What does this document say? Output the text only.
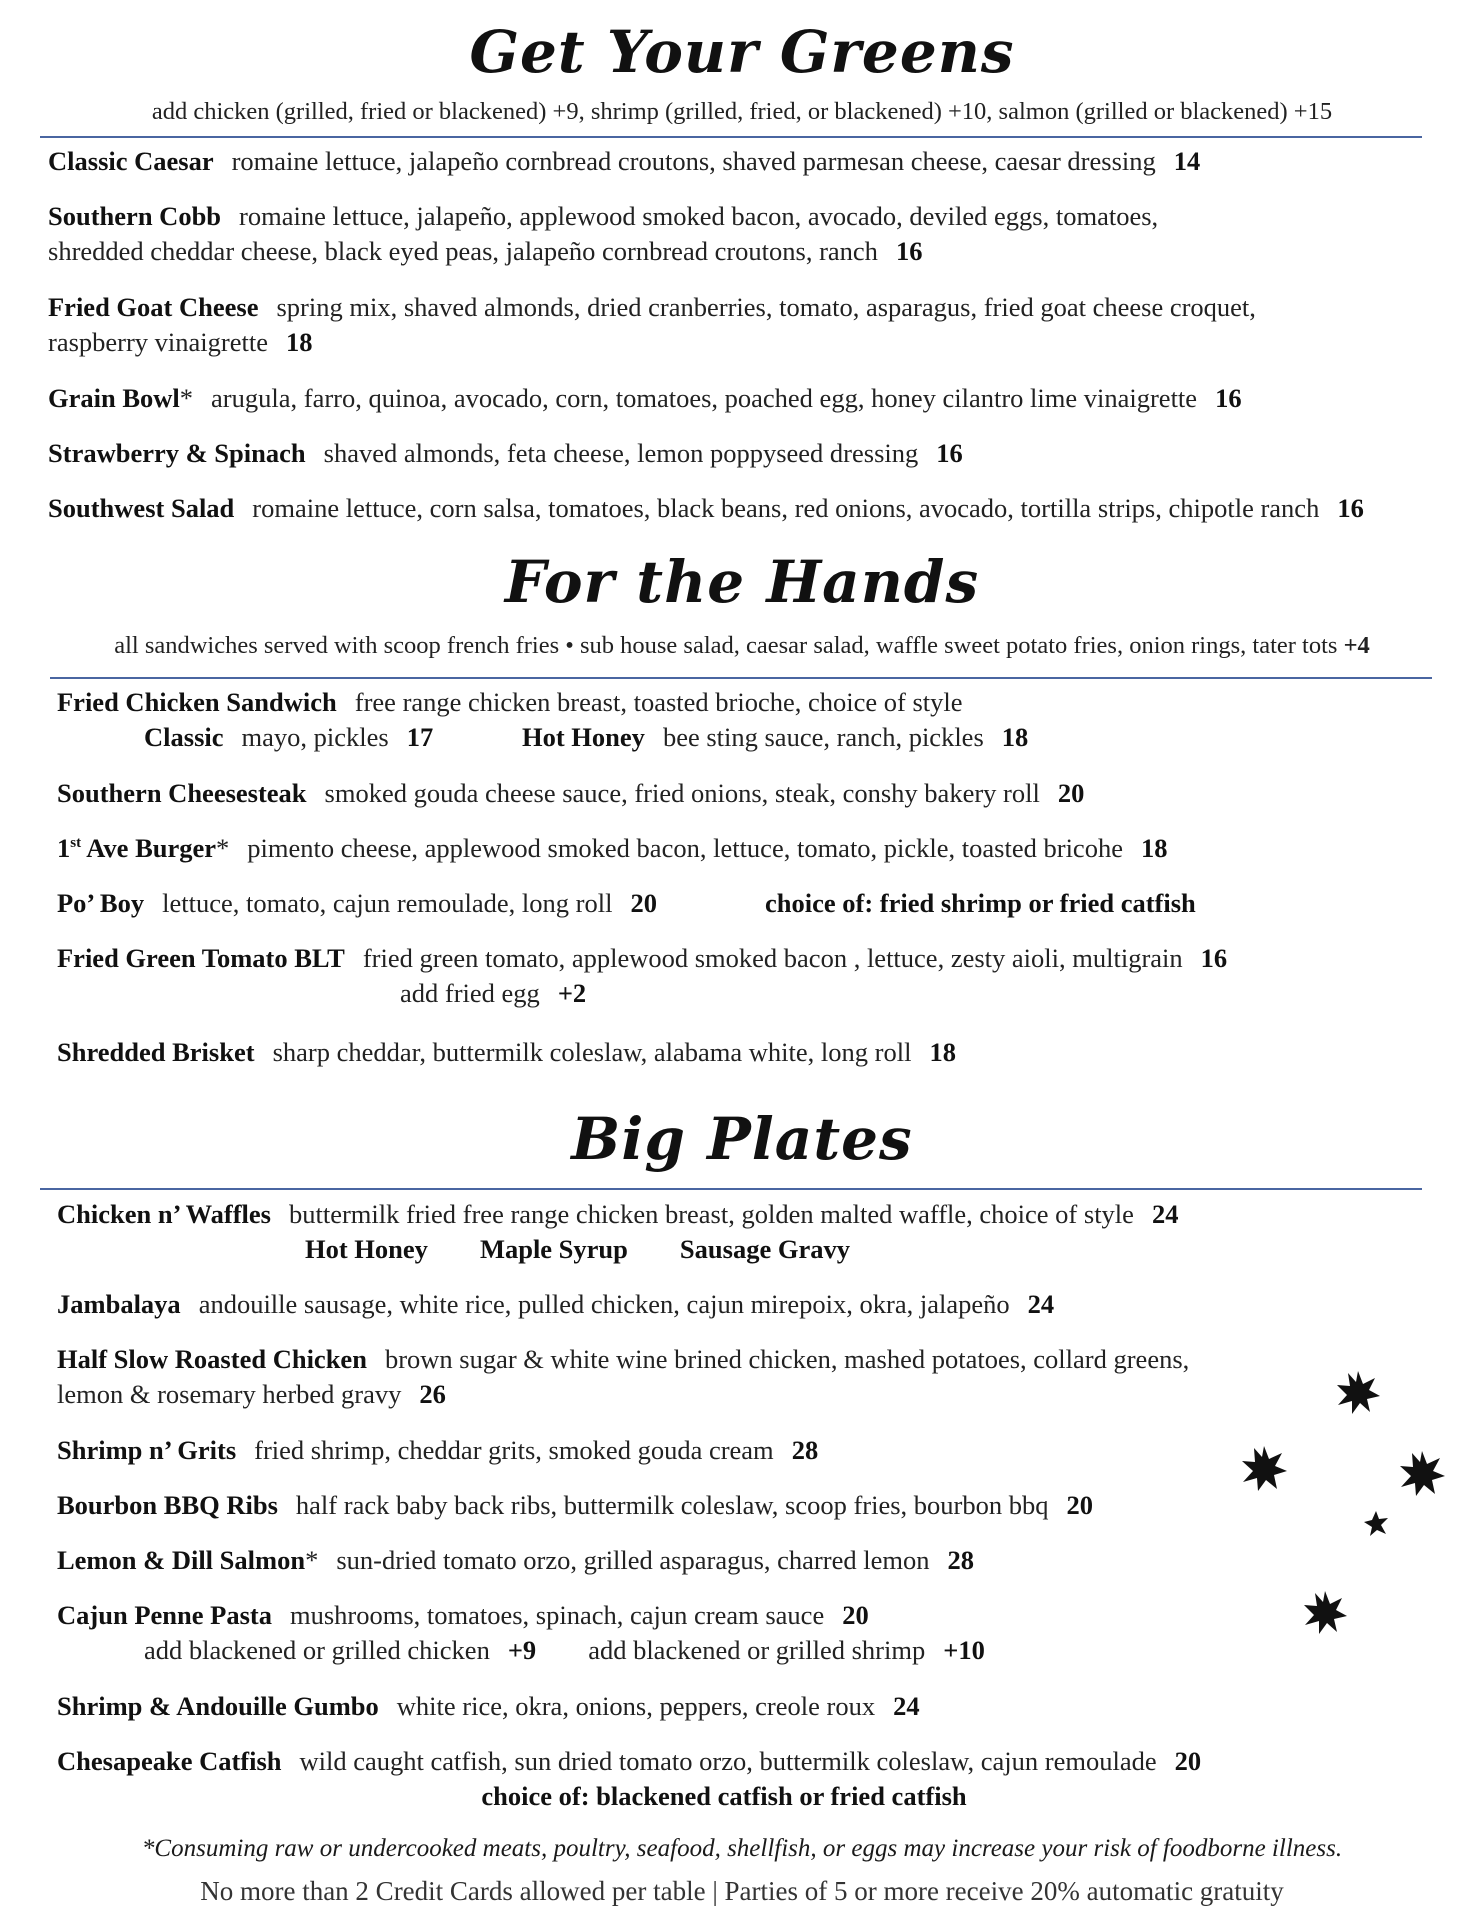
Get Your Greens
add chicken (grilled, fried or blackened) +9, shrimp (grilled, fried, or blackened) +10, salmon (grilled or blackened) +15
Classic Caesar romaine lettuce, jalapeño cornbread croutons, shaved parmesan cheese, caesar dressing 14
Southern Cobb romaine lettuce, jalapeño, applewood smoked bacon, avocado, deviled eggs, tomatoes,
shredded cheddar cheese, black eyed peas, jalapeño cornbread croutons, ranch 16
Fried Goat Cheese spring mix, shaved almonds, dried cranberries, tomato, asparagus, fried goat cheese croquet,
raspberry vinaigrette 18
Grain Bowl* arugula, farro, quinoa, avocado, corn, tomatoes, poached egg, honey cilantro lime vinaigrette 16
Strawberry & Spinach shaved almonds, feta cheese, lemon poppyseed dressing 16
Southwest Salad romaine lettuce, corn salsa, tomatoes, black beans, red onions, avocado, tortilla strips, chipotle ranch 16
For the Hands
all sandwiches served with scoop french fries • sub house salad, caesar salad, waffle sweet potato fries, onion rings, tater tots +4
Fried Chicken Sandwich free range chicken breast, toasted brioche, choice of style
Classic mayo, pickles 17	Hot Honey bee sting sauce, ranch, pickles 18
Southern Cheesesteak smoked gouda cheese sauce, fried onions, steak, conshy bakery roll 20
1st Ave Burger* pimento cheese, applewood smoked bacon, lettuce, tomato, pickle, toasted bricohe 18
Po’ Boy lettuce, tomato, cajun remoulade, long roll 20	choice of: fried shrimp or fried catfish
Fried Green Tomato BLT fried green tomato, applewood smoked bacon , lettuce, zesty aioli, multigrain 16
add fried egg +2
Shredded Brisket sharp cheddar, buttermilk coleslaw, alabama white, long roll 18
Big Plates
Chicken n’ Waffles buttermilk fried free range chicken breast, golden malted waffle, choice of style 24
Hot Honey Maple Syrup Sausage Gravy
Jambalaya andouille sausage, white rice, pulled chicken, cajun mirepoix, okra, jalapeño 24
Half Slow Roasted Chicken brown sugar & white wine brined chicken, mashed potatoes, collard greens,
lemon & rosemary herbed gravy 26
Shrimp n’ Grits fried shrimp, cheddar grits, smoked gouda cream 28
Bourbon BBQ Ribs half rack baby back ribs, buttermilk coleslaw, scoop fries, bourbon bbq 20
Lemon & Dill Salmon* sun-dried tomato orzo, grilled asparagus, charred lemon 28
Cajun Penne Pasta mushrooms, tomatoes, spinach, cajun cream sauce 20
add blackened or grilled chicken +9 add blackened or grilled shrimp +10
Shrimp & Andouille Gumbo white rice, okra, onions, peppers, creole roux 24
Chesapeake Catfish wild caught catfish, sun dried tomato orzo, buttermilk coleslaw, cajun remoulade 20
choice of: blackened catfish or fried catfish
*Consuming raw or undercooked meats, poultry, seafood, shellfish, or eggs may increase your risk of foodborne illness.
No more than 2 Credit Cards allowed per table | Parties of 5 or more receive 20% automatic gratuity
